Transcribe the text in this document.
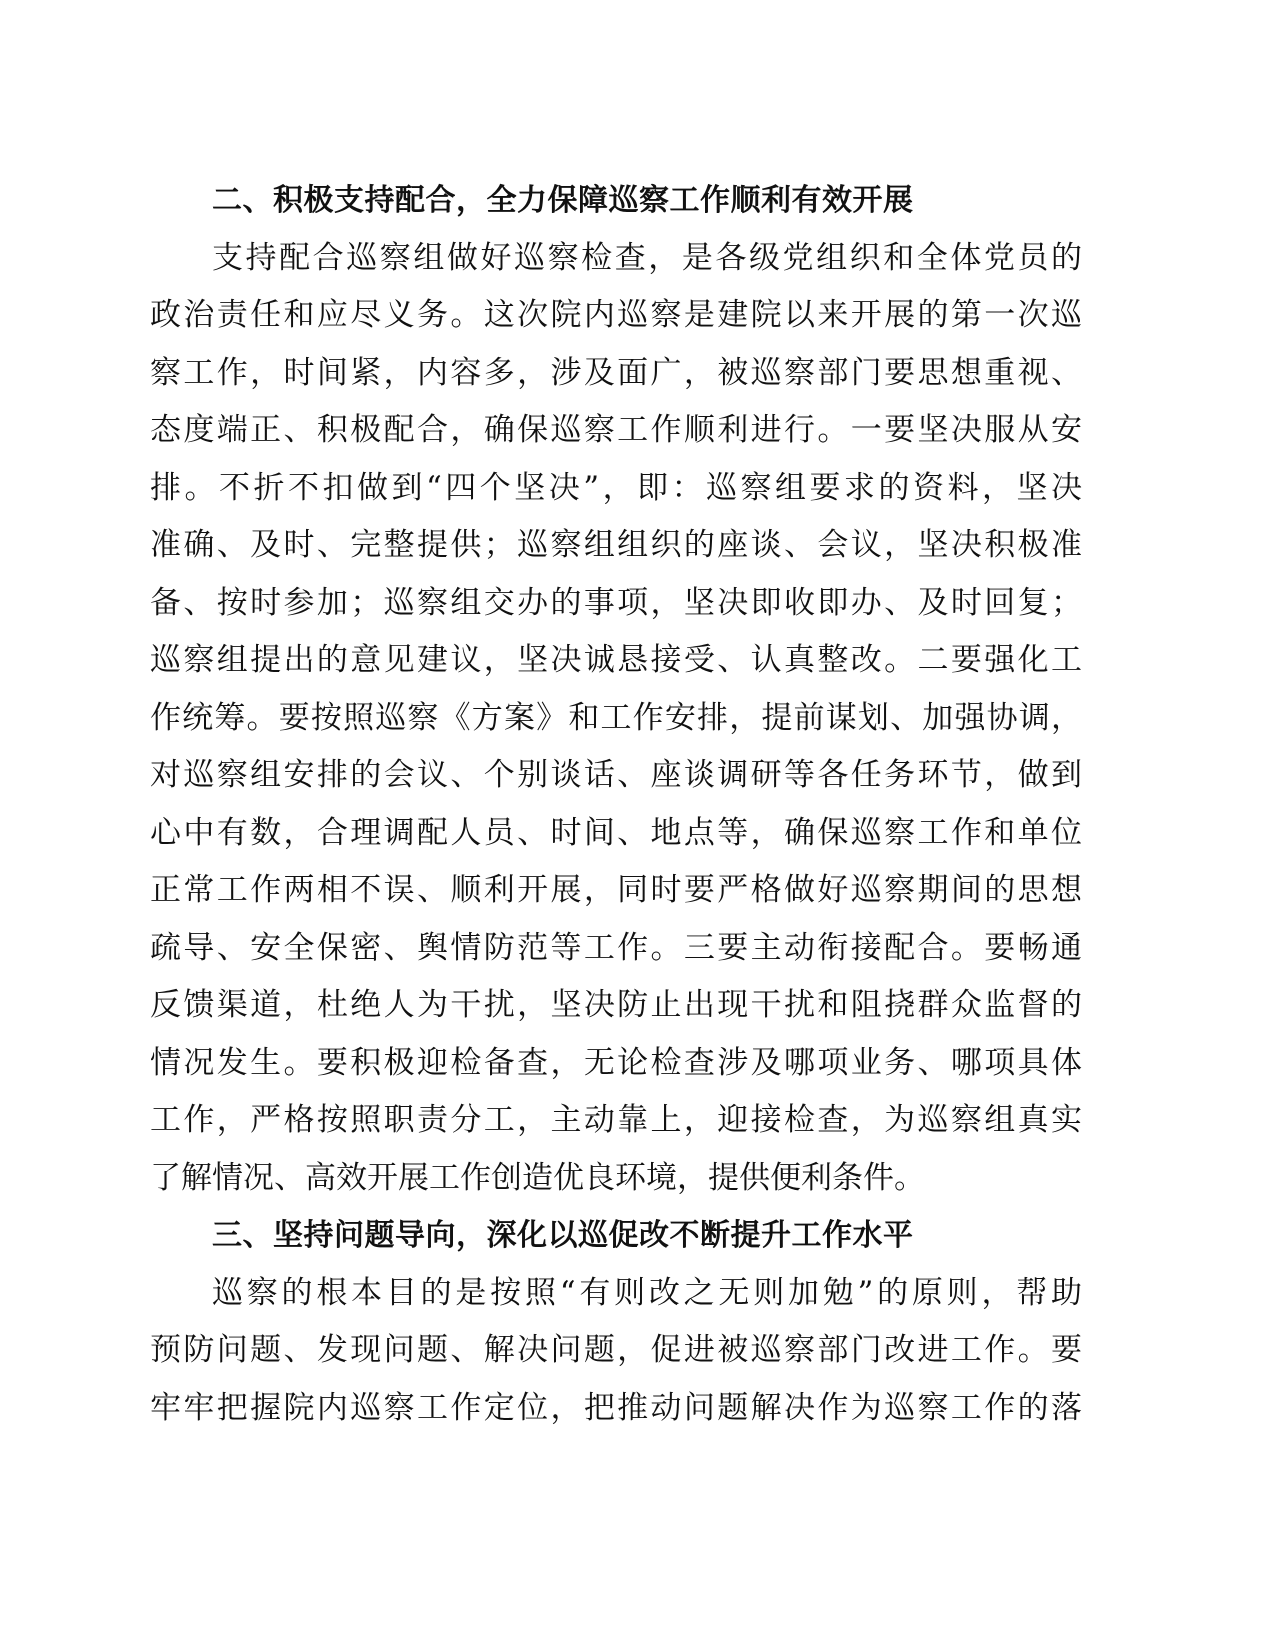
二、积极支持配合，全力保障巡察工作顺利有效开展
支持配合巡察组做好巡察检查，是各级党组织和全体党员的
政治责任和应尽义务。这次院内巡察是建院以来开展的第一次巡
察工作，时间紧，内容多，涉及面广，被巡察部门要思想重视、
态度端正、积极配合，确保巡察工作顺利进行。一要坚决服从安
排。不折不扣做到“四个坚决”，即：巡察组要求的资料，坚决
准确、及时、完整提供；巡察组组织的座谈、会议，坚决积极准
备、按时参加；巡察组交办的事项，坚决即收即办、及时回复；
巡察组提出的意见建议，坚决诚恳接受、认真整改。二要强化工
作统筹。要按照巡察《方案》和工作安排，提前谋划、加强协调，
对巡察组安排的会议、个别谈话、座谈调研等各任务环节，做到
心中有数，合理调配人员、时间、地点等，确保巡察工作和单位
正常工作两相不误、顺利开展，同时要严格做好巡察期间的思想
疏导、安全保密、舆情防范等工作。三要主动衔接配合。要畅通
反馈渠道，杜绝人为干扰，坚决防止出现干扰和阻挠群众监督的
情况发生。要积极迎检备查，无论检查涉及哪项业务、哪项具体
工作，严格按照职责分工，主动靠上，迎接检查，为巡察组真实
了解情况、高效开展工作创造优良环境，提供便利条件。
三、坚持问题导向，深化以巡促改不断提升工作水平
巡察的根本目的是按照“有则改之无则加勉”的原则，帮助
预防问题、发现问题、解决问题，促进被巡察部门改进工作。要
牢牢把握院内巡察工作定位，把推动问题解决作为巡察工作的落
